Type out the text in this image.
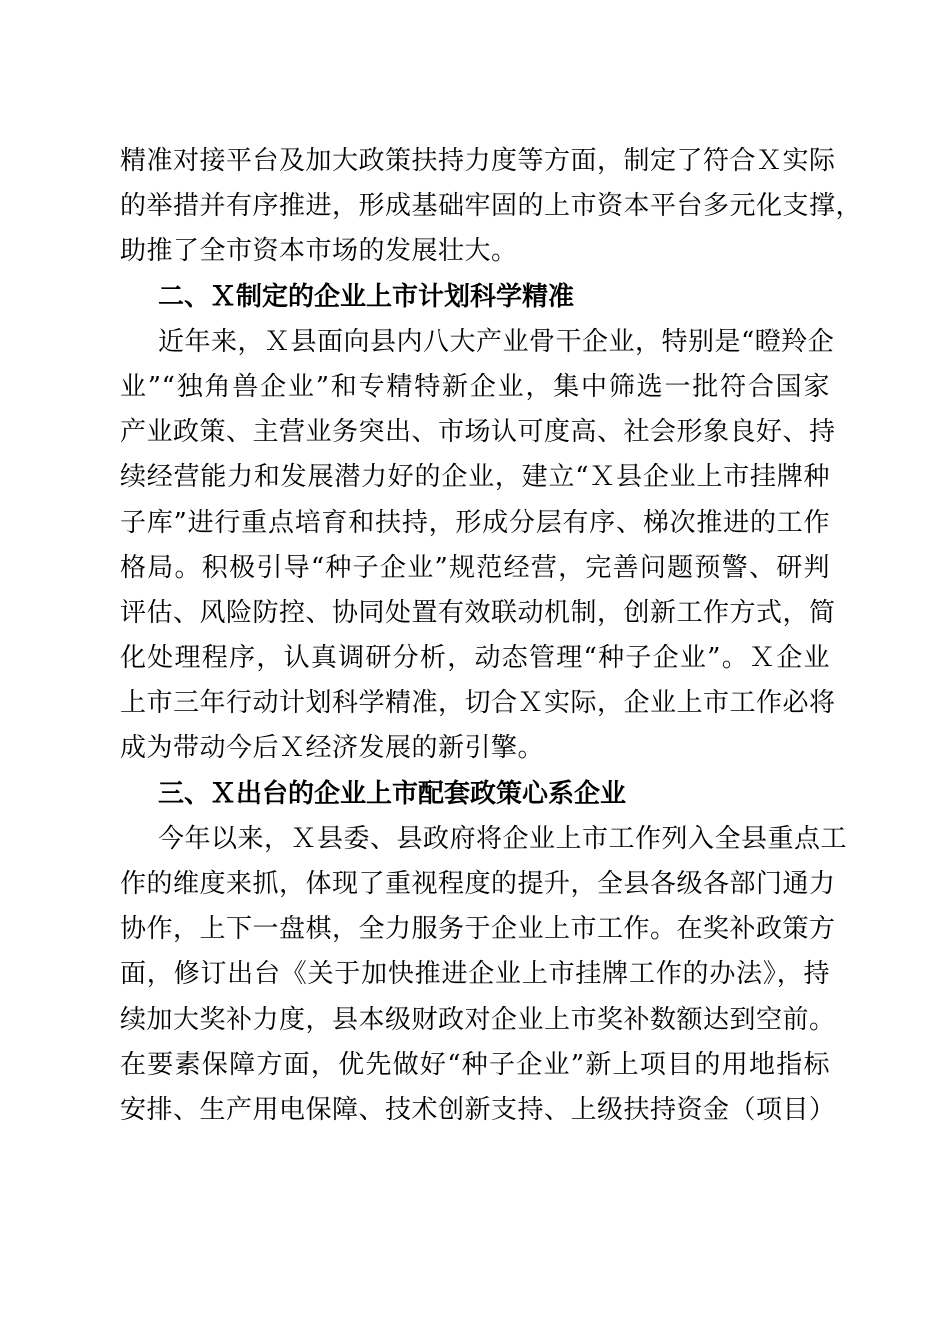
精准对接平台及加大政策扶持力度等方面，制定了符合Ｘ实际
的举措并有序推进，形成基础牢固的上市资本平台多元化支撑，
助推了全市资本市场的发展壮大。
二、Ｘ制定的企业上市计划科学精准
近年来，Ｘ县面向县内八大产业骨干企业，特别是“瞪羚企
业”“独角兽企业”和专精特新企业，集中筛选一批符合国家
产业政策、主营业务突出、市场认可度高、社会形象良好、持
续经营能力和发展潜力好的企业，建立“Ｘ县企业上市挂牌种
子库”进行重点培育和扶持，形成分层有序、梯次推进的工作
格局。积极引导“种子企业”规范经营，完善问题预警、研判
评估、风险防控、协同处置有效联动机制，创新工作方式，简
化处理程序，认真调研分析，动态管理“种子企业”。Ｘ企业
上市三年行动计划科学精准，切合Ｘ实际，企业上市工作必将
成为带动今后Ｘ经济发展的新引擎。
三、Ｘ出台的企业上市配套政策心系企业
今年以来，Ｘ县委、县政府将企业上市工作列入全县重点工
作的维度来抓，体现了重视程度的提升，全县各级各部门通力
协作，上下一盘棋，全力服务于企业上市工作。在奖补政策方
面，修订出台《关于加快推进企业上市挂牌工作的办法》，持
续加大奖补力度，县本级财政对企业上市奖补数额达到空前。
在要素保障方面，优先做好“种子企业”新上项目的用地指标
安排、生产用电保障、技术创新支持、上级扶持资金（项目）
